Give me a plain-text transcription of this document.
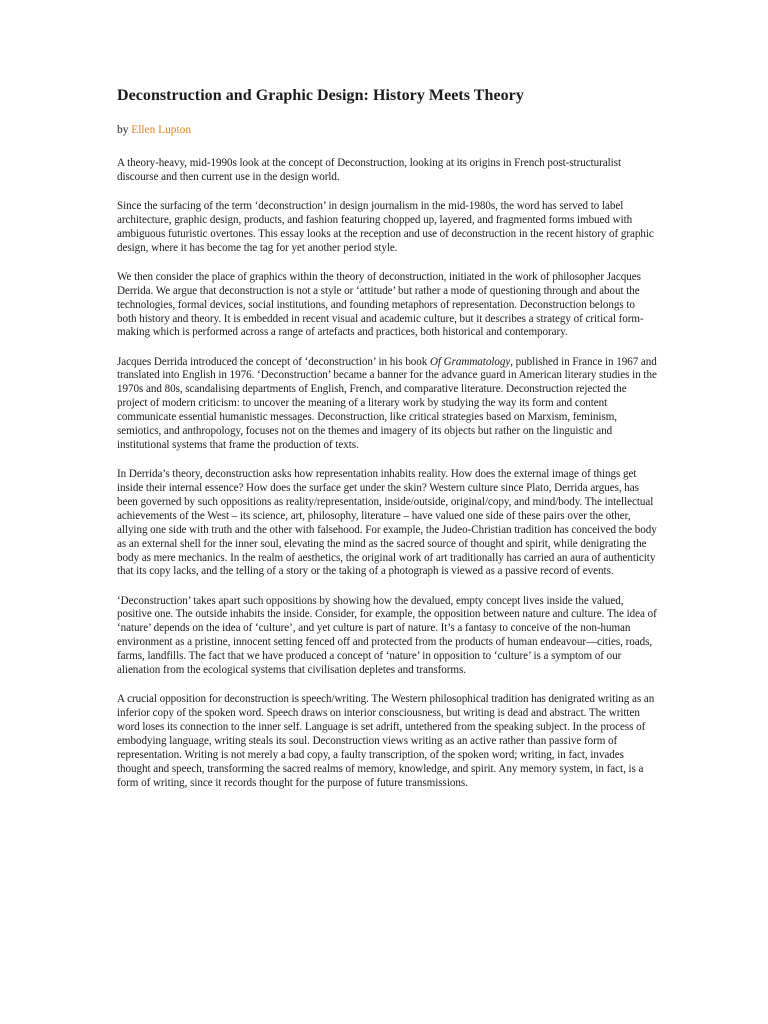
Deconstruction and Graphic Design: History Meets Theory
by Ellen Lupton

A theory-heavy, mid-1990s look at the concept of Deconstruction, looking at its origins in French post-structuralist discourse and then current use in the design world.

Since the surfacing of the term ‘deconstruction’ in design journalism in the mid-1980s, the word has served to label architecture, graphic design, products, and fashion featuring chopped up, layered, and fragmented forms imbued with ambiguous futuristic overtones. This essay looks at the reception and use of deconstruction in the recent history of graphic design, where it has become the tag for yet another period style.

We then consider the place of graphics within the theory of deconstruction, initiated in the work of philosopher Jacques Derrida. We argue that deconstruction is not a style or ‘attitude’ but rather a mode of questioning through and about the technologies, formal devices, social institutions, and founding metaphors of representation. Deconstruction belongs to both history and theory. It is embedded in recent visual and academic culture, but it describes a strategy of critical form-making which is performed across a range of artefacts and practices, both historical and contemporary.

Jacques Derrida introduced the concept of ‘deconstruction’ in his book Of Grammatology, published in France in 1967 and translated into English in 1976. ‘Deconstruction’ became a banner for the advance guard in American literary studies in the 1970s and 80s, scandalising departments of English, French, and comparative literature. Deconstruction rejected the project of modern criticism: to uncover the meaning of a literary work by studying the way its form and content communicate essential humanistic messages. Deconstruction, like critical strategies based on Marxism, feminism, semiotics, and anthropology, focuses not on the themes and imagery of its objects but rather on the linguistic and institutional systems that frame the production of texts.

In Derrida’s theory, deconstruction asks how representation inhabits reality. How does the external image of things get inside their internal essence? How does the surface get under the skin? Western culture since Plato, Derrida argues, has been governed by such oppositions as reality/representation, inside/outside, original/copy, and mind/body. The intellectual achievements of the West – its science, art, philosophy, literature – have valued one side of these pairs over the other, allying one side with truth and the other with falsehood. For example, the Judeo-Christian tradition has conceived the body as an external shell for the inner soul, elevating the mind as the sacred source of thought and spirit, while denigrating the body as mere mechanics. In the realm of aesthetics, the original work of art traditionally has carried an aura of authenticity that its copy lacks, and the telling of a story or the taking of a photograph is viewed as a passive record of events.

‘Deconstruction’ takes apart such oppositions by showing how the devalued, empty concept lives inside the valued, positive one. The outside inhabits the inside. Consider, for example, the opposition between nature and culture. The idea of ‘nature’ depends on the idea of ‘culture’, and yet culture is part of nature. It’s a fantasy to conceive of the non-human environment as a pristine, innocent setting fenced off and protected from the products of human endeavour—cities, roads, farms, landfills. The fact that we have produced a concept of ‘nature’ in opposition to ‘culture’ is a symptom of our alienation from the ecological systems that civilisation depletes and transforms.

A crucial opposition for deconstruction is speech/writing. The Western philosophical tradition has denigrated writing as an inferior copy of the spoken word. Speech draws on interior consciousness, but writing is dead and abstract. The written word loses its connection to the inner self. Language is set adrift, untethered from the speaking subject. In the process of embodying language, writing steals its soul. Deconstruction views writing as an active rather than passive form of representation. Writing is not merely a bad copy, a faulty transcription, of the spoken word; writing, in fact, invades thought and speech, transforming the sacred realms of memory, knowledge, and spirit. Any memory system, in fact, is a form of writing, since it records thought for the purpose of future transmissions.
